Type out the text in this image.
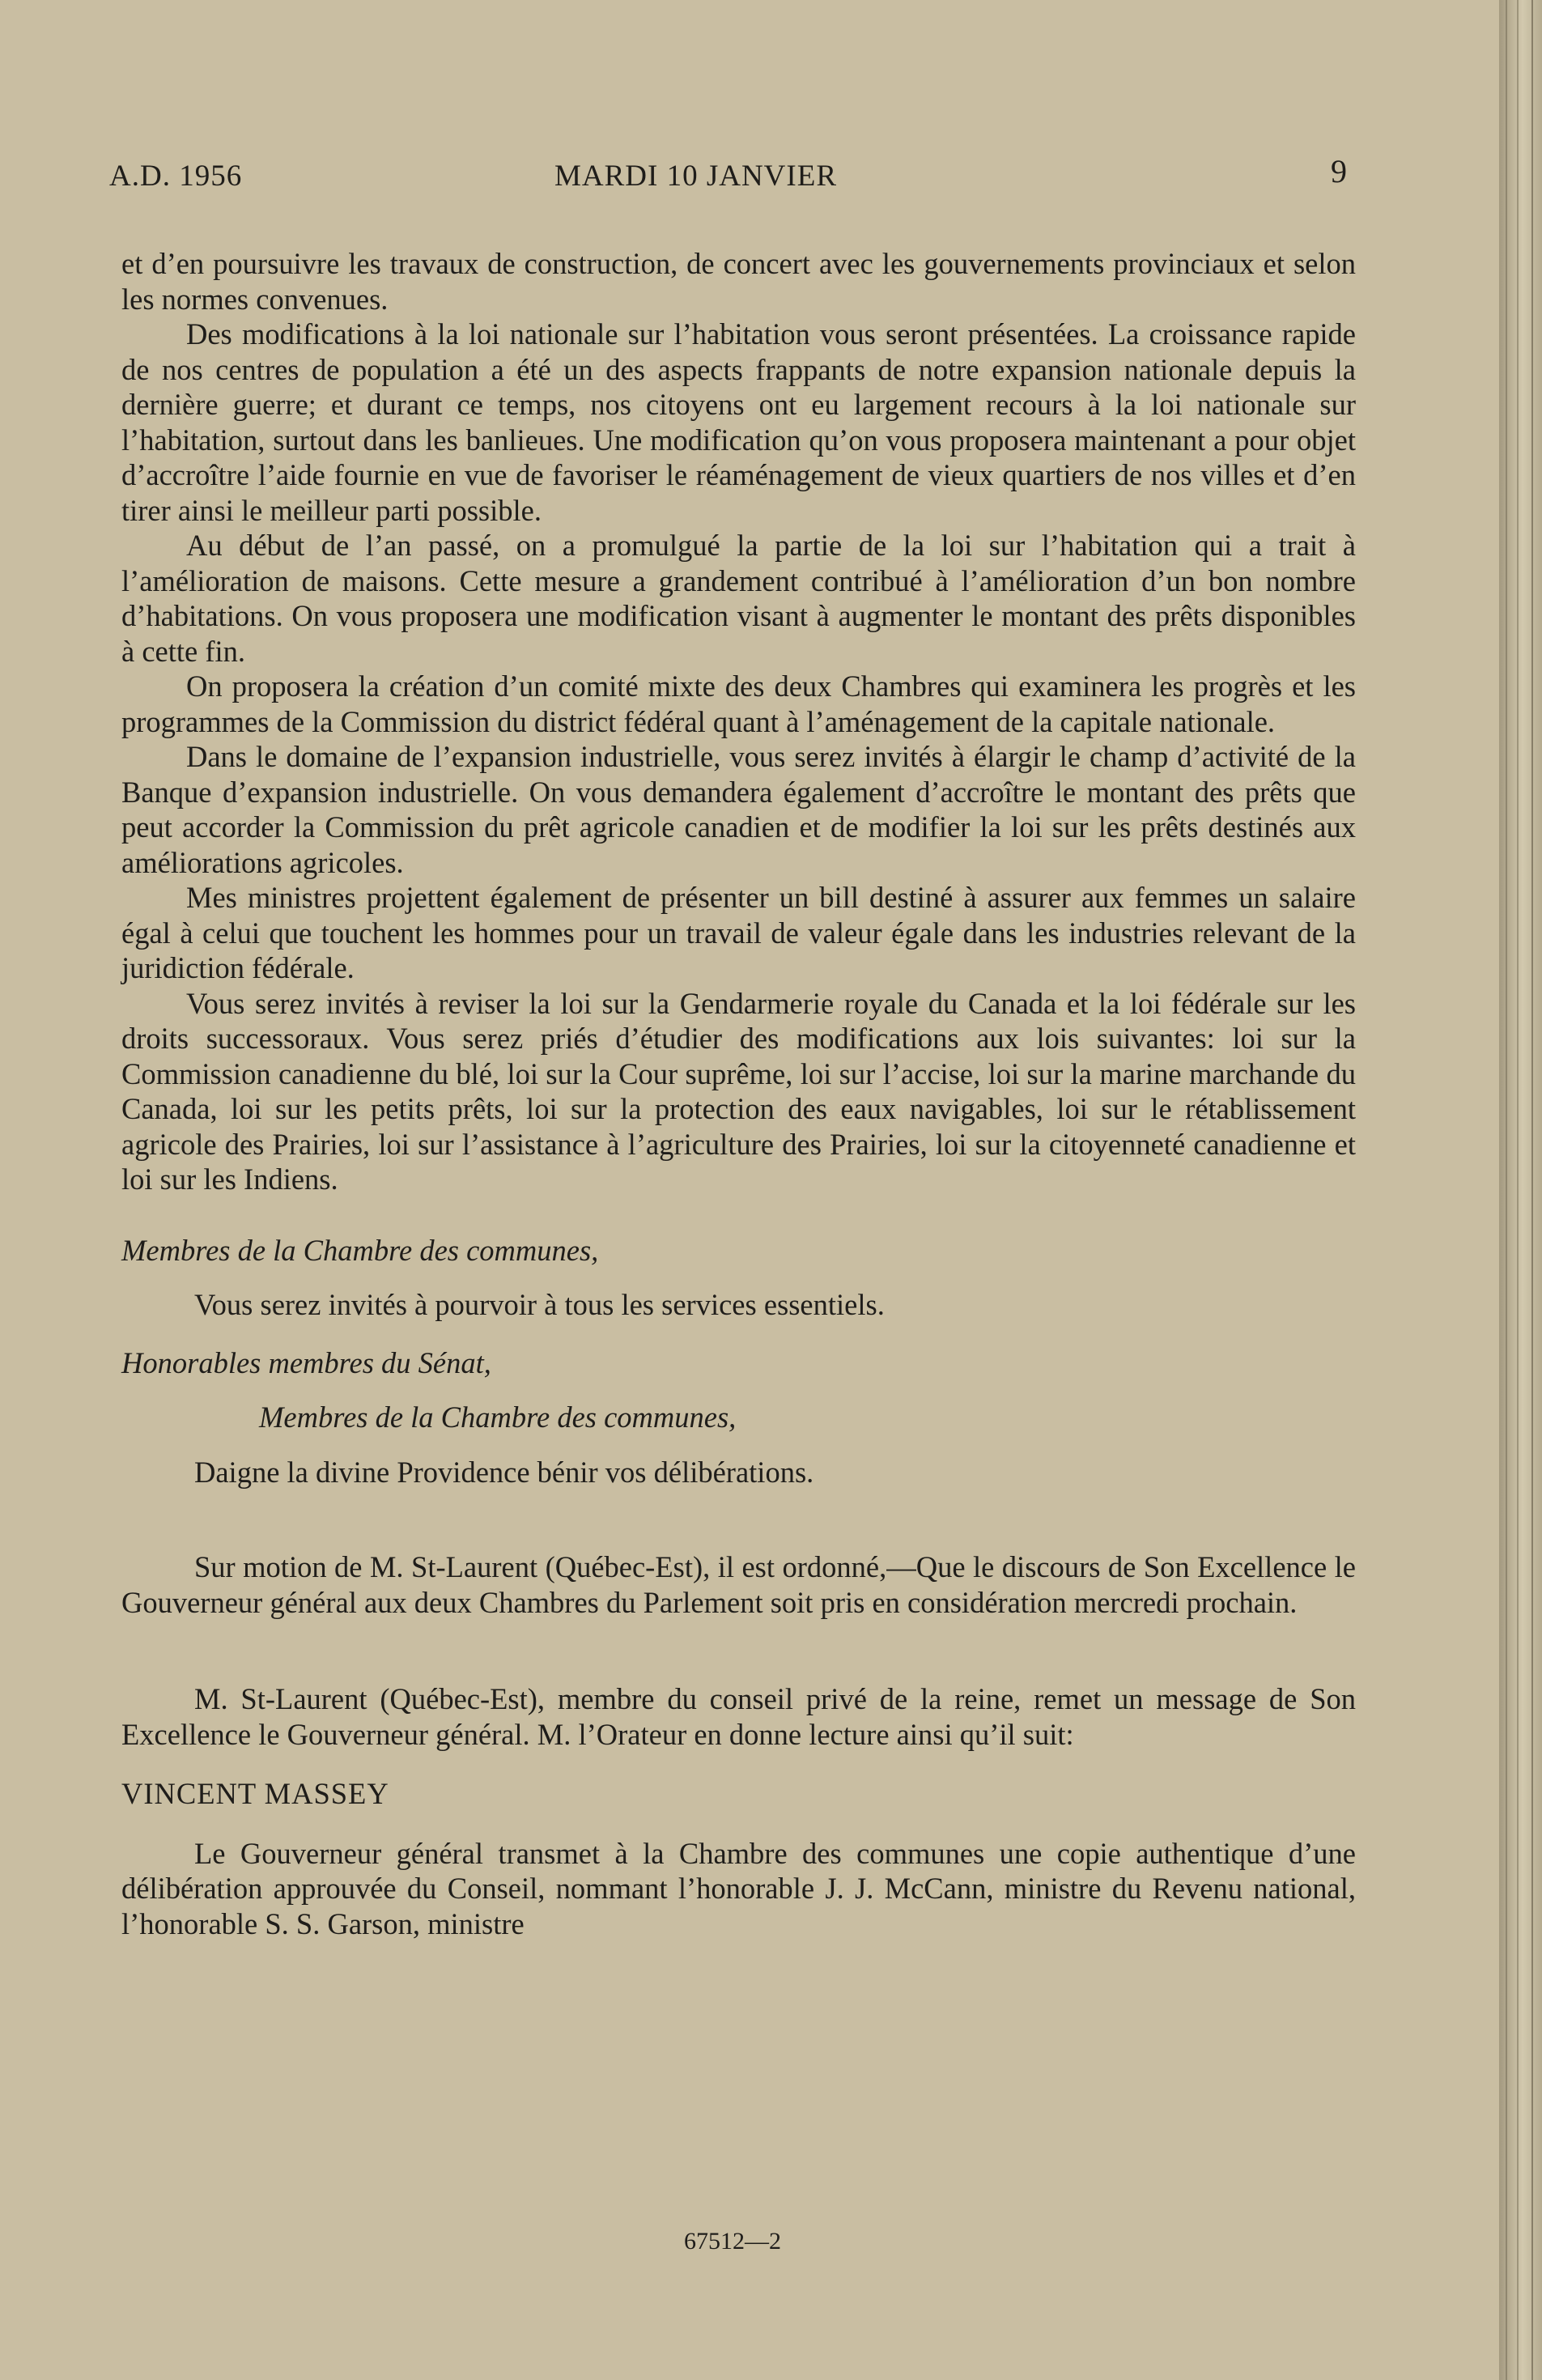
A.D. 1956	MARDI 10 JANVIER	9

et d’en poursuivre les travaux de construction, de concert avec les gouvernements provinciaux et selon les normes convenues.

Des modifications à la loi nationale sur l’habitation vous seront présentées. La croissance rapide de nos centres de population a été un des aspects frappants de notre expansion nationale depuis la dernière guerre; et durant ce temps, nos citoyens ont eu largement recours à la loi nationale sur l’habitation, surtout dans les banlieues. Une modification qu’on vous proposera maintenant a pour objet d’accroître l’aide fournie en vue de favoriser le réaménagement de vieux quartiers de nos villes et d’en tirer ainsi le meilleur parti possible.

Au début de l’an passé, on a promulgué la partie de la loi sur l’habitation qui a trait à l’amélioration de maisons. Cette mesure a grandement contribué à l’amélioration d’un bon nombre d’habitations. On vous proposera une modification visant à augmenter le montant des prêts disponibles à cette fin.

On proposera la création d’un comité mixte des deux Chambres qui examinera les progrès et les programmes de la Commission du district fédéral quant à l’aménagement de la capitale nationale.

Dans le domaine de l’expansion industrielle, vous serez invités à élargir le champ d’activité de la Banque d’expansion industrielle. On vous demandera également d’accroître le montant des prêts que peut accorder la Commission du prêt agricole canadien et de modifier la loi sur les prêts destinés aux améliorations agricoles.

Mes ministres projettent également de présenter un bill destiné à assurer aux femmes un salaire égal à celui que touchent les hommes pour un travail de valeur égale dans les industries relevant de la juridiction fédérale.

Vous serez invités à reviser la loi sur la Gendarmerie royale du Canada et la loi fédérale sur les droits successoraux. Vous serez priés d’étudier des modifications aux lois suivantes: loi sur la Commission canadienne du blé, loi sur la Cour suprême, loi sur l’accise, loi sur la marine marchande du Canada, loi sur les petits prêts, loi sur la protection des eaux navigables, loi sur le rétablissement agricole des Prairies, loi sur l’assistance à l’agriculture des Prairies, loi sur la citoyenneté canadienne et loi sur les Indiens.

Membres de la Chambre des communes,

Vous serez invités à pourvoir à tous les services essentiels.

Honorables membres du Sénat,

Membres de la Chambre des communes,

Daigne la divine Providence bénir vos délibérations.

Sur motion de M. St-Laurent (Québec-Est), il est ordonné,—Que le discours de Son Excellence le Gouverneur général aux deux Chambres du Parlement soit pris en considération mercredi prochain.

M. St-Laurent (Québec-Est), membre du conseil privé de la reine, remet un message de Son Excellence le Gouverneur général. M. l’Orateur en donne lecture ainsi qu’il suit:

VINCENT MASSEY

Le Gouverneur général transmet à la Chambre des communes une copie authentique d’une délibération approuvée du Conseil, nommant l’honorable J. J. McCann, ministre du Revenu national, l’honorable S. S. Garson, ministre

67512—2
